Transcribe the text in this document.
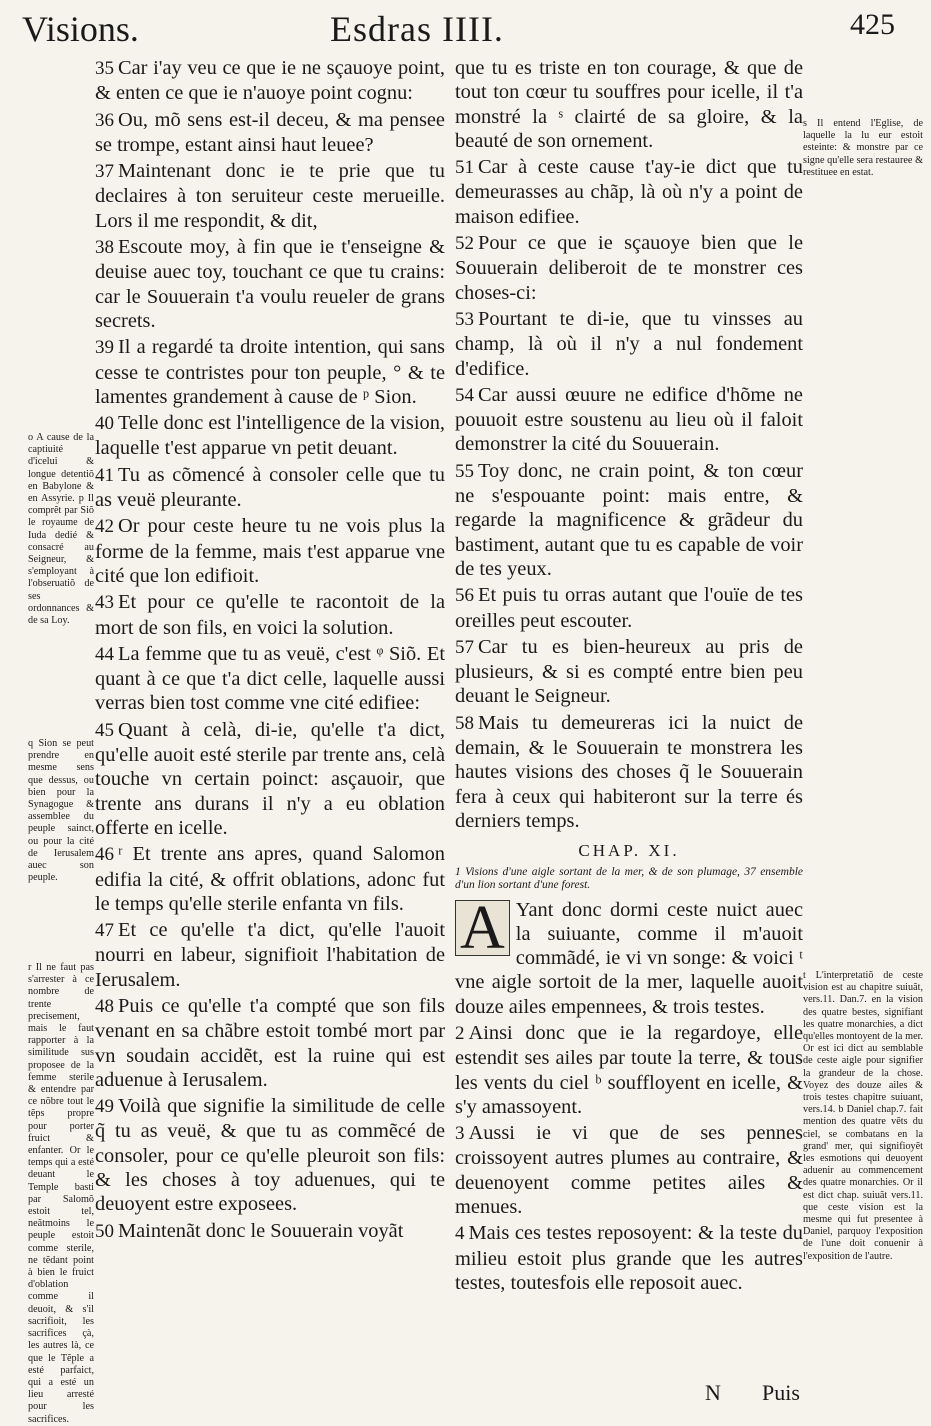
Visions.	Esdras IIII.	425
o A cause de la captiuité d'icelui & longue detentiõ en Babylone & en Assyrie. p Il comprẽt par Siõ le royaume de Iuda dedié & consacré au Seigneur, & s'employant à l'obseruatiõ de ses ordonnances & de sa Loy.
q Sion se peut prendre en mesme sens que dessus, ou bien pour la Synagogue & assemblee du peuple sainct, ou pour la cité de Ierusalem auec son peuple.
r Il ne faut pas s'arrester à ce nombre de trente precisement, mais le faut rapporter à la similitude sus proposee de la femme sterile & entendre par ce nõbre tout le tẽps propre pour porter fruict & enfanter. Or le temps qui a esté deuant le Temple basti par Salomõ estoit tel, neãtmoins le peuple estoit comme sterile, ne tẽdant point à bien le fruict d'oblation comme il deuoit, & s'il sacrifioit, les sacrifices çà, les autres là, ce que le Tẽple a esté parfaict, qui a esté un lieu arresté pour les sacrifices.
35 Car i'ay veu ce que ie ne sçauoye point, & enten ce que ie n'auoye point cognu:
36 Ou, mõ sens est-il deceu, & ma pensee se trompe, estant ainsi haut leuee?
37 Maintenant donc ie te prie que tu declaires à ton seruiteur ceste merueille. Lors il me respondit, & dit,
38 Escoute moy, à fin que ie t'enseigne & deuise auec toy, touchant ce que tu crains: car le Souuerain t'a voulu reueler de grans secrets.
39 Il a regardé ta droite intention, qui sans cesse te contristes pour ton peuple, ° & te lamentes grandement à cause de ᵖ Sion.
40 Telle donc est l'intelligence de la vision, laquelle t'est apparue vn petit deuant.
41 Tu as cõmencé à consoler celle que tu as veuë pleurante.
42 Or pour ceste heure tu ne vois plus la forme de la femme, mais t'est apparue vne cité que lon edifioit.
43 Et pour ce qu'elle te racontoit de la mort de son fils, en voici la solution.
44 La femme que tu as veuë, c'est ᵠ Siõ. Et quant à ce que t'a dict celle, laquelle aussi verras bien tost comme vne cité edifiee:
45 Quant à celà, di-ie, qu'elle t'a dict, qu'elle auoit esté sterile par trente ans, celà touche vn certain poinct: asçauoir, que trente ans durans il n'y a eu oblation offerte en icelle.
46 ʳ Et trente ans apres, quand Salomon edifia la cité, & offrit oblations, adonc fut le temps qu'elle sterile enfanta vn fils.
47 Et ce qu'elle t'a dict, qu'elle l'auoit nourri en labeur, signifioit l'habitation de Ierusalem.
48 Puis ce qu'elle t'a compté que son fils venant en sa chãbre estoit tombé mort par vn soudain accidẽt, est la ruine qui est aduenue à Ierusalem.
49 Voilà que signifie la similitude de celle q̃ tu as veuë, & que tu as commẽcé de consoler, pour ce qu'elle pleuroit son fils: & les choses à toy aduenues, qui te deuoyent estre exposees.
50 Maintenãt donc le Souuerain voyãt
que tu es triste en ton courage, & que de tout ton cœur tu souffres pour icelle, il t'a monstré la ˢ clairté de sa gloire, & la beauté de son ornement.
51 Car à ceste cause t'ay-ie dict que tu demeurasses au chãp, là où n'y a point de maison edifiee.
52 Pour ce que ie sçauoye bien que le Souuerain deliberoit de te monstrer ces choses-ci:
53 Pourtant te di-ie, que tu vinsses au champ, là où il n'y a nul fondement d'edifice.
54 Car aussi œuure ne edifice d'hõme ne pouuoit estre soustenu au lieu où il faloit demonstrer la cité du Souuerain.
55 Toy donc, ne crain point, & ton cœur ne s'espouante point: mais entre, & regarde la magnificence & grãdeur du bastiment, autant que tu es capable de voir de tes yeux.
56 Et puis tu orras autant que l'ouïe de tes oreilles peut escouter.
57 Car tu es bien-heureux au pris de plusieurs, & si es compté entre bien peu deuant le Seigneur.
58 Mais tu demeureras ici la nuict de demain, & le Souuerain te monstrera les hautes visions des choses q̃ le Souuerain fera à ceux qui habiteront sur la terre és derniers temps.
CHAP. XI.
1 Visions d'une aigle sortant de la mer, & de son plumage, 37 ensemble d'un lion sortant d'une forest.
A Yant donc dormi ceste nuict auec la suiuante, comme il m'auoit commãdé, ie vi vn songe: & voici ᵗ vne aigle sortoit de la mer, laquelle auoit douze ailes empennees, & trois testes.
2 Ainsi donc que ie la regardoye, elle estendit ses ailes par toute la terre, & tous les vents du ciel ᵇ souffloyent en icelle, & s'y amassoyent.
3 Aussi ie vi que de ses pennes croissoyent autres plumes au contraire, & deuenoyent comme petites ailes & menues.
4 Mais ces testes reposoyent: & la teste du milieu estoit plus grande que les autres testes, toutesfois elle reposoit auec.
s Il entend l'Eglise, de laquelle la lu eur estoit esteinte: & monstre par ce signe qu'elle sera restauree & restituee en estat.
t L'interpretatiõ de ceste vision est au chapitre suiuãt, vers.11. Dan.7. en la vision des quatre bestes, signifiant les quatre monarchies, a dict qu'elles montoyent de la mer. Or est ici dict au semblable de ceste aigle pour signifier la grandeur de la chose. Voyez des douze ailes & trois testes chapitre suiuant, vers.14. b Daniel chap.7. fait mention des quatre vẽts du ciel, se combatans en la grand' mer, qui signifioyẽt les esmotions qui deuoyent aduenir au commencement des quatre monarchies. Or il est dict chap. suiuãt vers.11. que ceste vision est la mesme qui fut presentee à Daniel, parquoy l'exposition de l'une doit conuenir à l'exposition de l'autre.
N Puis
